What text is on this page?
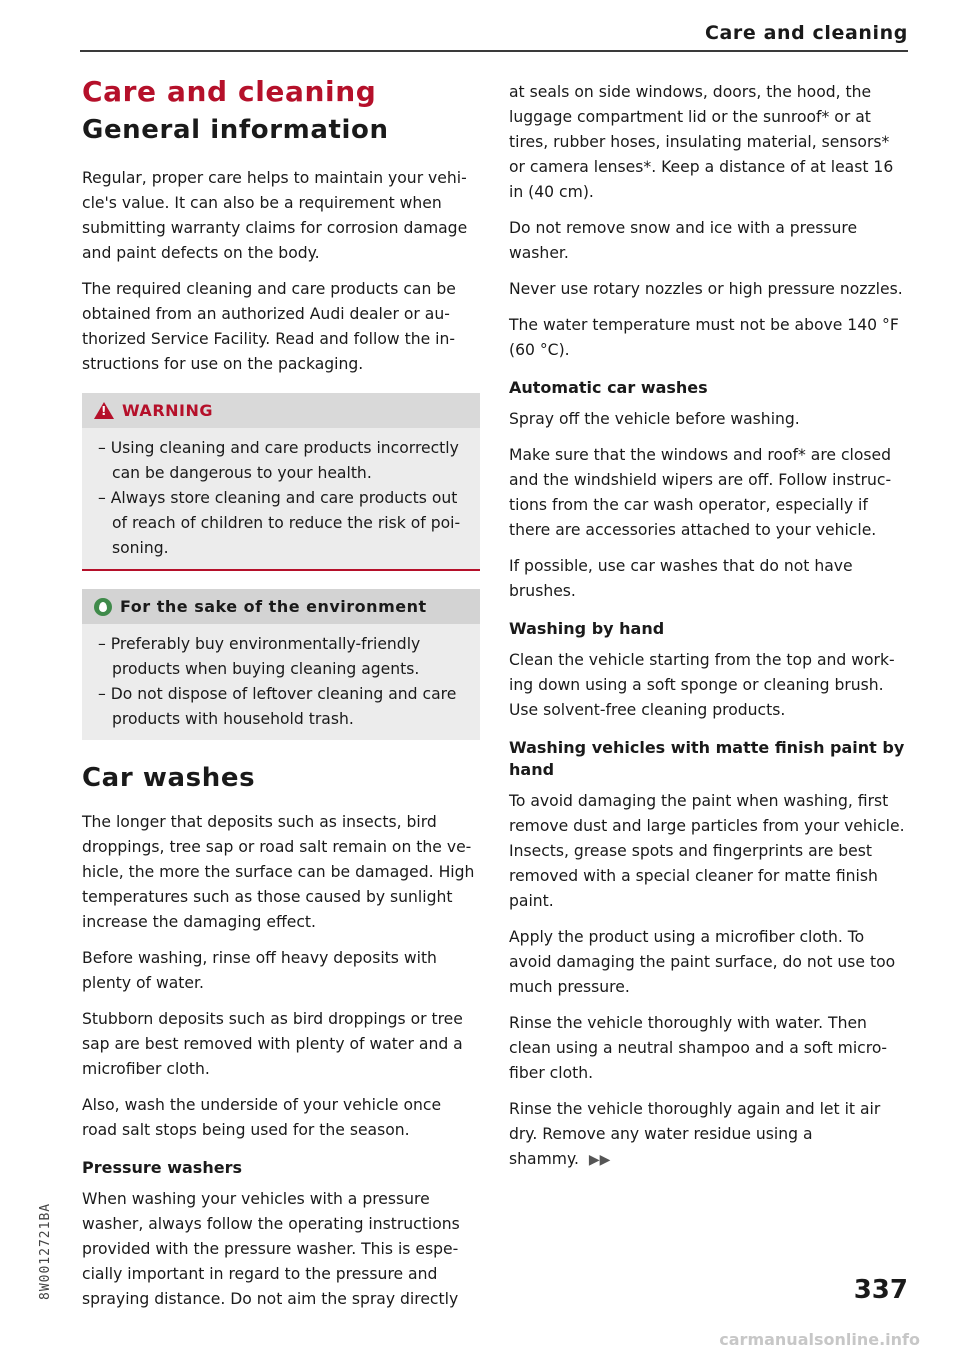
Care and cleaning
Care and cleaning
General information

Regular, proper care helps to maintain your vehicle's value. It can also be a requirement when submitting warranty claims for corrosion damage and paint defects on the body.

The required cleaning and care products can be obtained from an authorized Audi dealer or authorized Service Facility. Read and follow the instructions for use on the packaging.

!
WARNING

– Using cleaning and care products incorrectly can be dangerous to your health.

– Always store cleaning and care products out of reach of children to reduce the risk of poisoning.

For the sake of the environment

– Preferably buy environmentally-friendly products when buying cleaning agents.

– Do not dispose of leftover cleaning and care products with household trash.

Car washes

The longer that deposits such as insects, bird droppings, tree sap or road salt remain on the vehicle, the more the surface can be damaged. High temperatures such as those caused by sunlight increase the damaging effect.

Before washing, rinse off heavy deposits with plenty of water.

Stubborn deposits such as bird droppings or tree sap are best removed with plenty of water and a microfiber cloth.

Also, wash the underside of your vehicle once road salt stops being used for the season.

Pressure washers

When washing your vehicles with a pressure washer, always follow the operating instructions provided with the pressure washer. This is especially important in regard to the pressure and spraying distance. Do not aim the spray directly

at seals on side windows, doors, the hood, the luggage compartment lid or the sunroof* or at tires, rubber hoses, insulating material, sensors* or camera lenses*. Keep a distance of at least 16 in (40 cm).

Do not remove snow and ice with a pressure washer.

Never use rotary nozzles or high pressure nozzles.

The water temperature must not be above 140 °F (60 °C).

Automatic car washes

Spray off the vehicle before washing.

Make sure that the windows and roof* are closed and the windshield wipers are off. Follow instructions from the car wash operator, especially if there are accessories attached to your vehicle.

If possible, use car washes that do not have brushes.

Washing by hand

Clean the vehicle starting from the top and working down using a soft sponge or cleaning brush. Use solvent-free cleaning products.

Washing vehicles with matte finish paint by hand

To avoid damaging the paint when washing, first remove dust and large particles from your vehicle. Insects, grease spots and fingerprints are best removed with a special cleaner for matte finish paint.

Apply the product using a microfiber cloth. To avoid damaging the paint surface, do not use too much pressure.

Rinse the vehicle thoroughly with water. Then clean using a neutral shampoo and a soft microfiber cloth.

Rinse the vehicle thoroughly again and let it air dry. Remove any water residue using a shammy. ▶▶

8W0012721BA	337
carmanualsonline.info
